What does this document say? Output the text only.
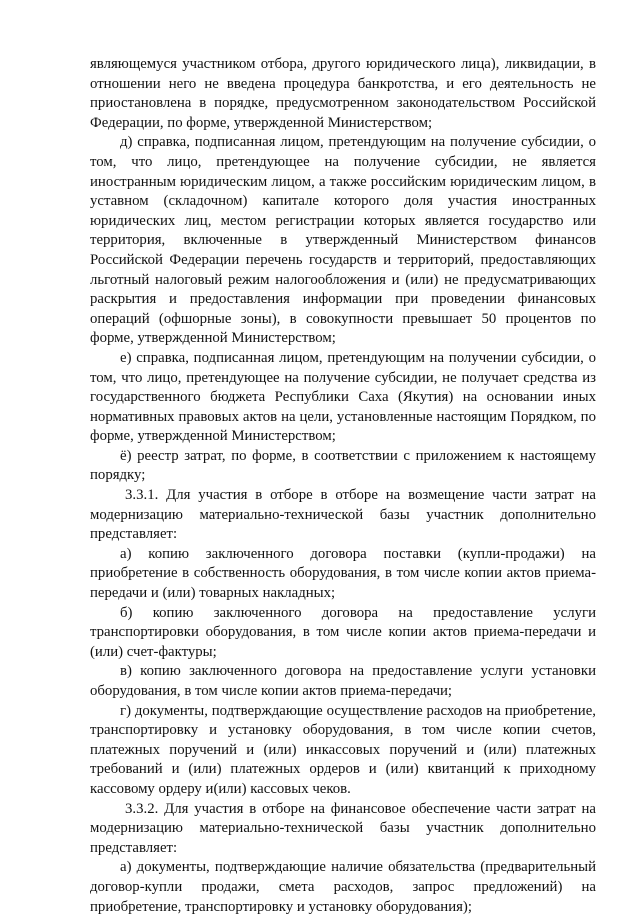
являющемуся участником отбора, другого юридического лица), ликвидации, в отношении него не введена процедура банкротства, и его деятельность не приостановлена в порядке, предусмотренном законодательством Российской Федерации, по форме, утвержденной Министерством;

д) справка, подписанная лицом, претендующим на получение субсидии, о том, что лицо, претендующее на получение субсидии, не является иностранным юридическим лицом, а также российским юридическим лицом, в уставном (складочном) капитале которого доля участия иностранных юридических лиц, местом регистрации которых является государство или территория, включенные в утвержденный Министерством финансов Российской Федерации перечень государств и территорий, предоставляющих льготный налоговый режим налогообложения и (или) не предусматривающих раскрытия и предоставления информации при проведении финансовых операций (офшорные зоны), в совокупности превышает 50 процентов по форме, утвержденной Министерством;

е) справка, подписанная лицом, претендующим на получении субсидии, о том, что лицо, претендующее на получение субсидии, не получает средства из государственного бюджета Республики Саха (Якутия) на основании иных нормативных правовых актов на цели, установленные настоящим Порядком, по форме, утвержденной Министерством;

ё) реестр затрат, по форме, в соответствии с приложением к настоящему порядку;

3.3.1. Для участия в отборе в отборе на возмещение части затрат на модернизацию материально-технической базы участник дополнительно представляет:

а) копию заключенного договора поставки (купли-продажи) на приобретение в собственность оборудования, в том числе копии актов приема-передачи и (или) товарных накладных;

б) копию заключенного договора на предоставление услуги транспортировки оборудования, в том числе копии актов приема-передачи и (или) счет-фактуры;

в) копию заключенного договора на предоставление услуги установки оборудования, в том числе копии актов приема-передачи;

г) документы, подтверждающие осуществление расходов на приобретение, транспортировку и установку оборудования, в том числе копии счетов, платежных поручений и (или) инкассовых поручений и (или) платежных требований и (или) платежных ордеров и (или) квитанций к приходному кассовому ордеру и(или) кассовых чеков.

3.3.2. Для участия в отборе на финансовое обеспечение части затрат на модернизацию материально-технической базы участник дополнительно представляет:

а) документы, подтверждающие наличие обязательства (предварительный договор-купли продажи, смета расходов, запрос предложений) на приобретение, транспортировку и установку оборудования);
